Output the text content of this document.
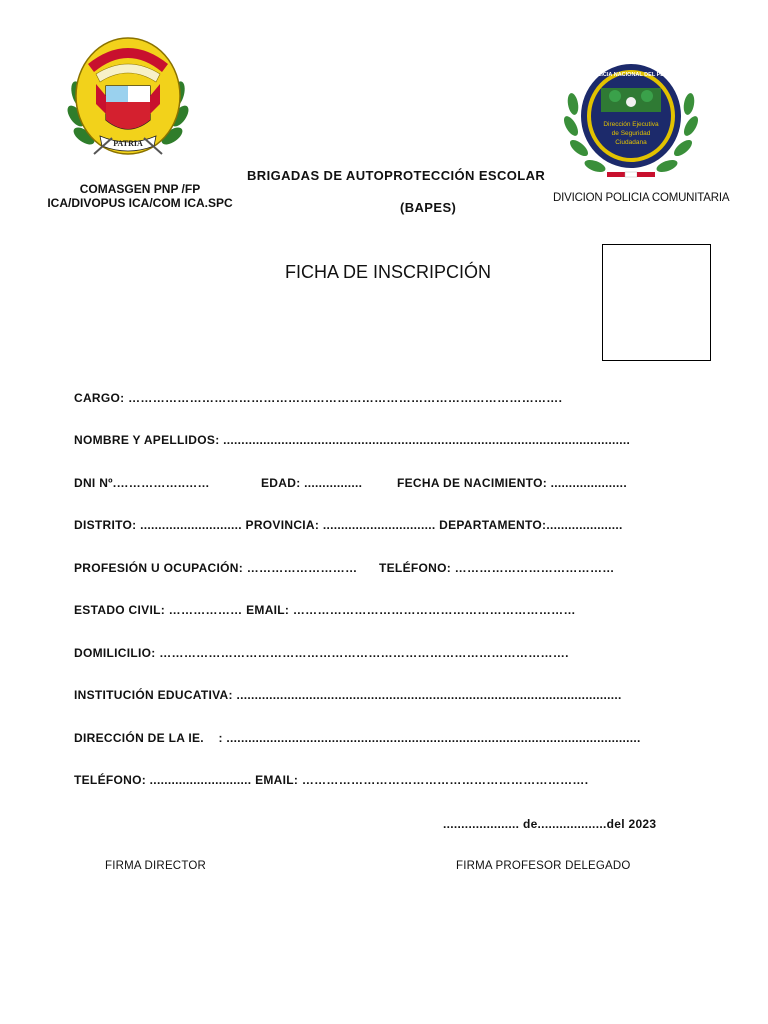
PATRIA
COMASGEN PNP /FP
ICA/DIVOPUS ICA/COM ICA.SPC
BRIGADAS DE AUTOPROTECCIÓN ESCOLAR
(BAPES)
POLICIA NACIONAL DEL PERU
Dirección Ejecutiva
de Seguridad
Ciudadana
DIVICION POLICIA COMUNITARIA
FICHA DE INSCRIPCIÓN
CARGO: …………………………………………………………………………………………….
NOMBRE Y APELLIDOS: ................................................................................................................
DNI Nº.……………..……	EDAD: ................	FECHA DE NACIMIENTO: .....................
DISTRITO: ............................ PROVINCIA: ............................... DEPARTAMENTO:.....................
PROFESIÓN U OCUPACIÓN: ……………………… TELÉFONO: …………………………………
ESTADO CIVIL: ……………… EMAIL: ……………………………………………………………
DOMILICILIO: ……………………………………………………………………………………….
INSTITUCIÓN EDUCATIVA: ..........................................................................................................
DIRECCIÓN DE LA IE.    : ..................................................................................................................
TELÉFONO: ............................ EMAIL: …………………………………………………………….
..................... de...................del 2023
FIRMA DIRECTOR	FIRMA PROFESOR DELEGADO
